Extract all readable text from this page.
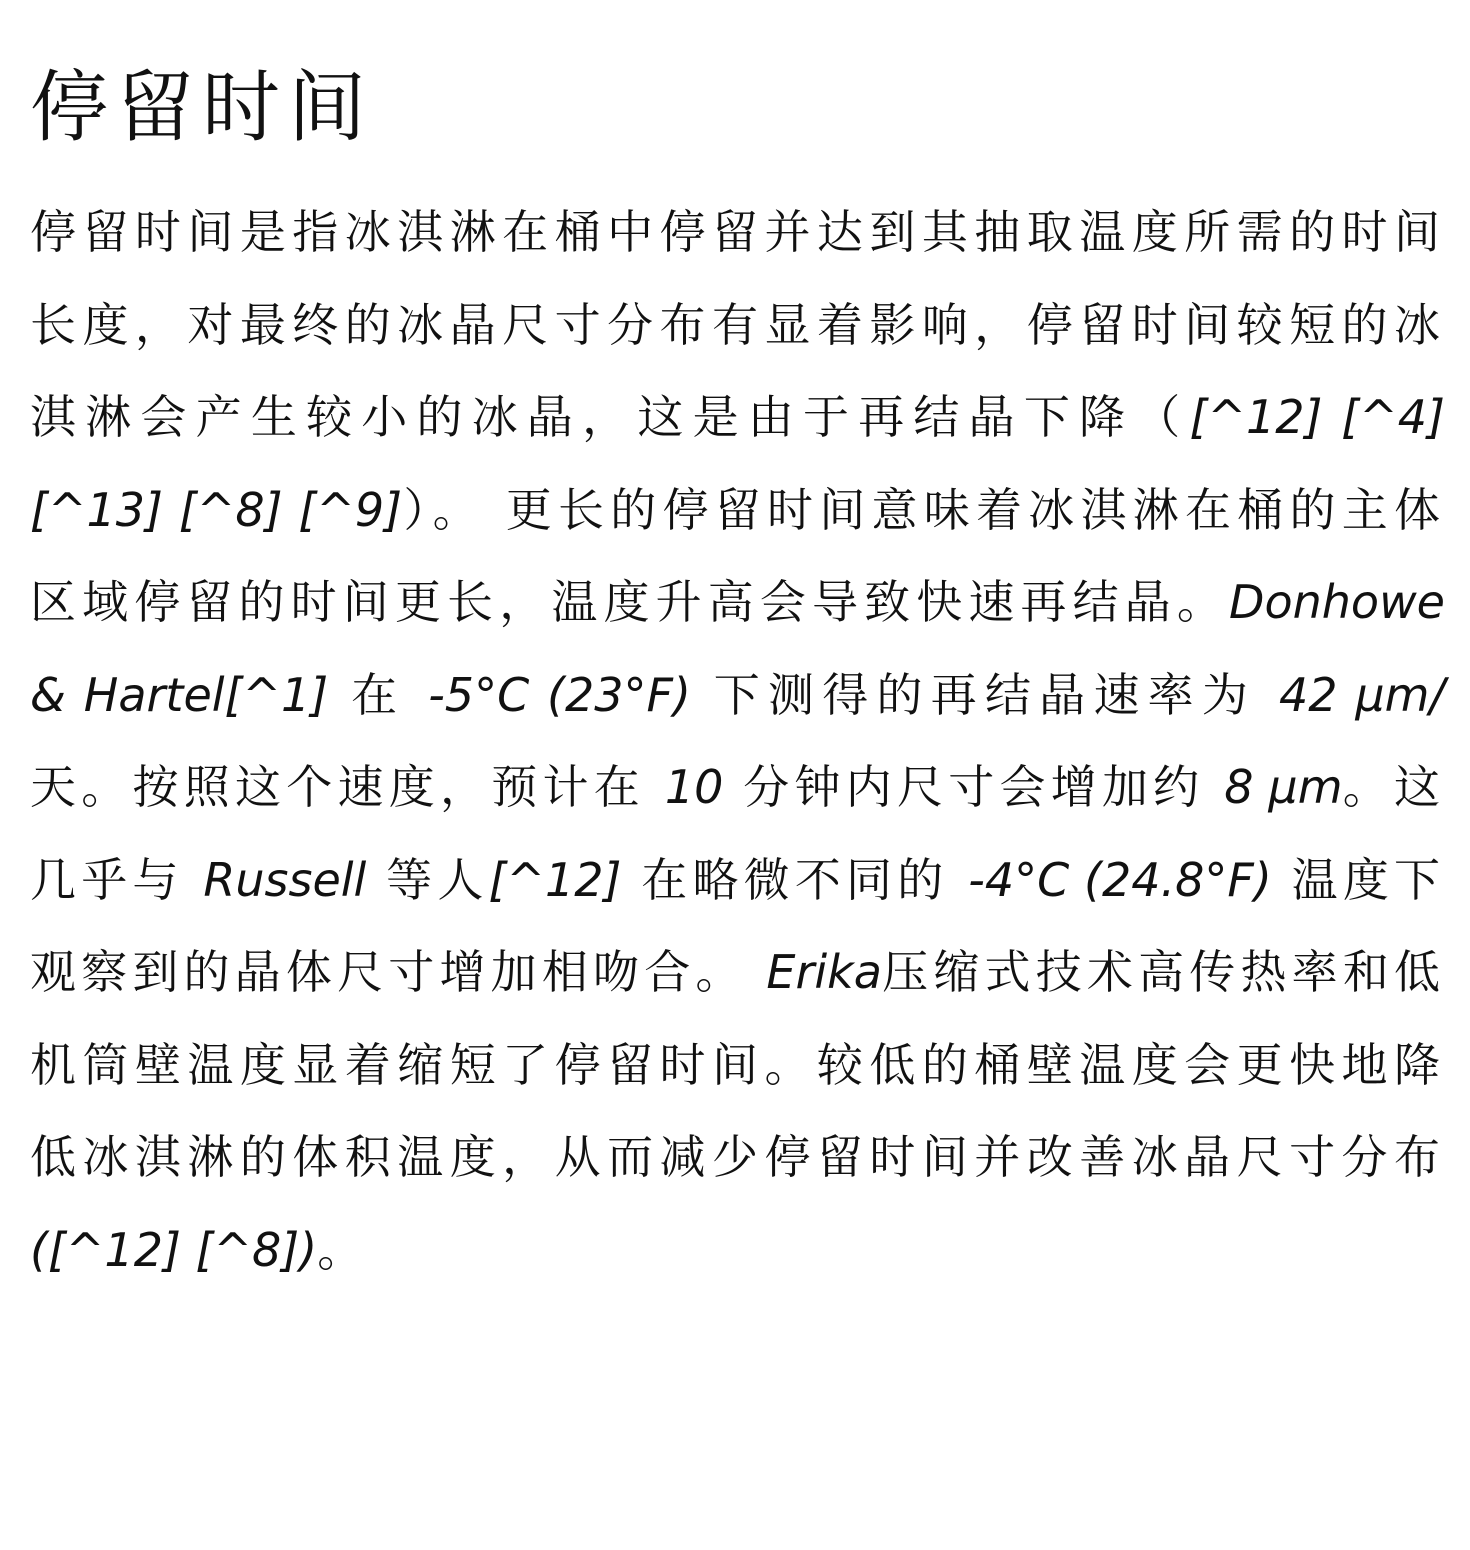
停留时间

停留时间是指冰淇淋在桶中停留并达到其抽取温度所需的时间长度，对最终的冰晶尺寸分布有显着影响，停留时间较短的冰淇淋会产生较小的冰晶，这是由于再结晶下降（[^12] [^4] [^13] [^8] [^9]）。 更长的停留时间意味着冰淇淋在桶的主体区域停留的时间更长，温度升高会导致快速再结晶。Donhowe & Hartel[^1] 在 -5°C (23°F) 下测得的再结晶速率为 42 μm/天。按照这个速度，预计在 10 分钟内尺寸会增加约 8 μm。这几乎与 Russell 等人[^12] 在略微不同的 -4°C (24.8°F) 温度下观察到的晶体尺寸增加相吻合。 Erika压缩式技术高传热率和低机筒壁温度显着缩短了停留时间。较低的桶壁温度会更快地降低冰淇淋的体积温度，从而减少停留时间并改善冰晶尺寸分布 ([^12] [^8])。
